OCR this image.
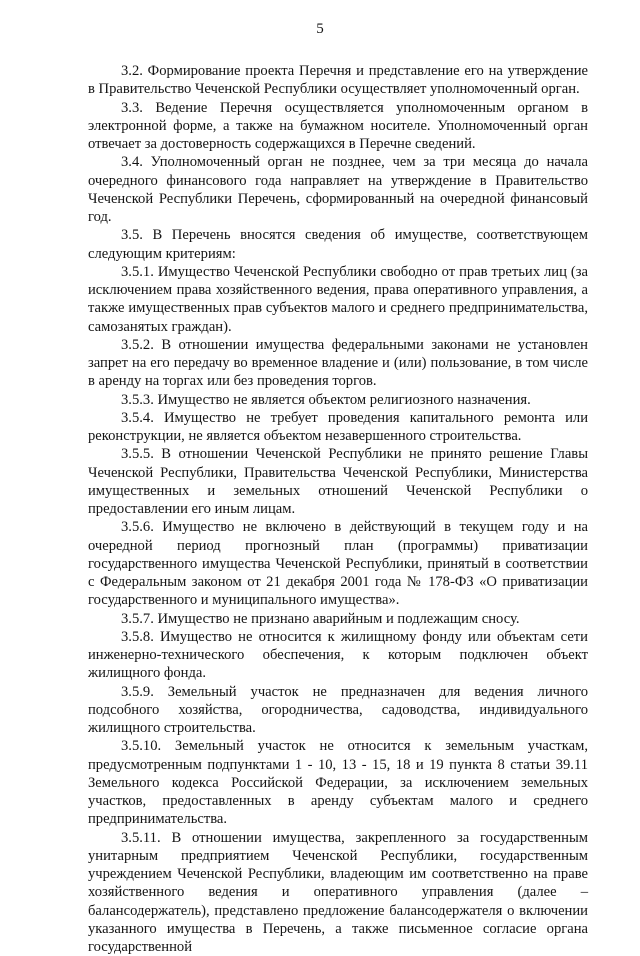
5

3.2. Формирование проекта Перечня и представление его на утверждение в Правительство Чеченской Республики осуществляет уполномоченный орган.

3.3. Ведение Перечня осуществляется уполномоченным органом в электронной форме, а также на бумажном носителе. Уполномоченный орган отвечает за достоверность содержащихся в Перечне сведений.

3.4. Уполномоченный орган не позднее, чем за три месяца до начала очередного финансового года направляет на утверждение в Правительство Чеченской Республики Перечень, сформированный на очередной финансовый год.

3.5. В Перечень вносятся сведения об имуществе, соответствующем следующим критериям:

3.5.1. Имущество Чеченской Республики свободно от прав третьих лиц (за исключением права хозяйственного ведения, права оперативного управления, а также имущественных прав субъектов малого и среднего предпринимательства, самозанятых граждан).

3.5.2. В отношении имущества федеральными законами не установлен запрет на его передачу во временное владение и (или) пользование, в том числе в аренду на торгах или без проведения торгов.

3.5.3. Имущество не является объектом религиозного назначения.

3.5.4. Имущество не требует проведения капитального ремонта или реконструкции, не является объектом незавершенного строительства.

3.5.5. В отношении Чеченской Республики не принято решение Главы Чеченской Республики, Правительства Чеченской Республики, Министерства имущественных и земельных отношений Чеченской Республики о предоставлении его иным лицам.

3.5.6. Имущество не включено в действующий в текущем году и на очередной период прогнозный план (программы) приватизации государственного имущества Чеченской Республики, принятый в соответствии с Федеральным законом от 21 декабря 2001 года № 178-ФЗ «О приватизации государственного и муниципального имущества».

3.5.7. Имущество не признано аварийным и подлежащим сносу.

3.5.8. Имущество не относится к жилищному фонду или объектам сети инженерно-технического обеспечения, к которым подключен объект жилищного фонда.

3.5.9. Земельный участок не предназначен для ведения личного подсобного хозяйства, огородничества, садоводства, индивидуального жилищного строительства.

3.5.10. Земельный участок не относится к земельным участкам, предусмотренным подпунктами 1 - 10, 13 - 15, 18 и 19 пункта 8 статьи 39.11 Земельного кодекса Российской Федерации, за исключением земельных участков, предоставленных в аренду субъектам малого и среднего предпринимательства.

3.5.11. В отношении имущества, закрепленного за государственным унитарным предприятием Чеченской Республики, государственным учреждением Чеченской Республики, владеющим им соответственно на праве хозяйственного ведения и оперативного управления (далее – балансодержатель), представлено предложение балансодержателя о включении указанного имущества в Перечень, а также письменное согласие органа государственной
